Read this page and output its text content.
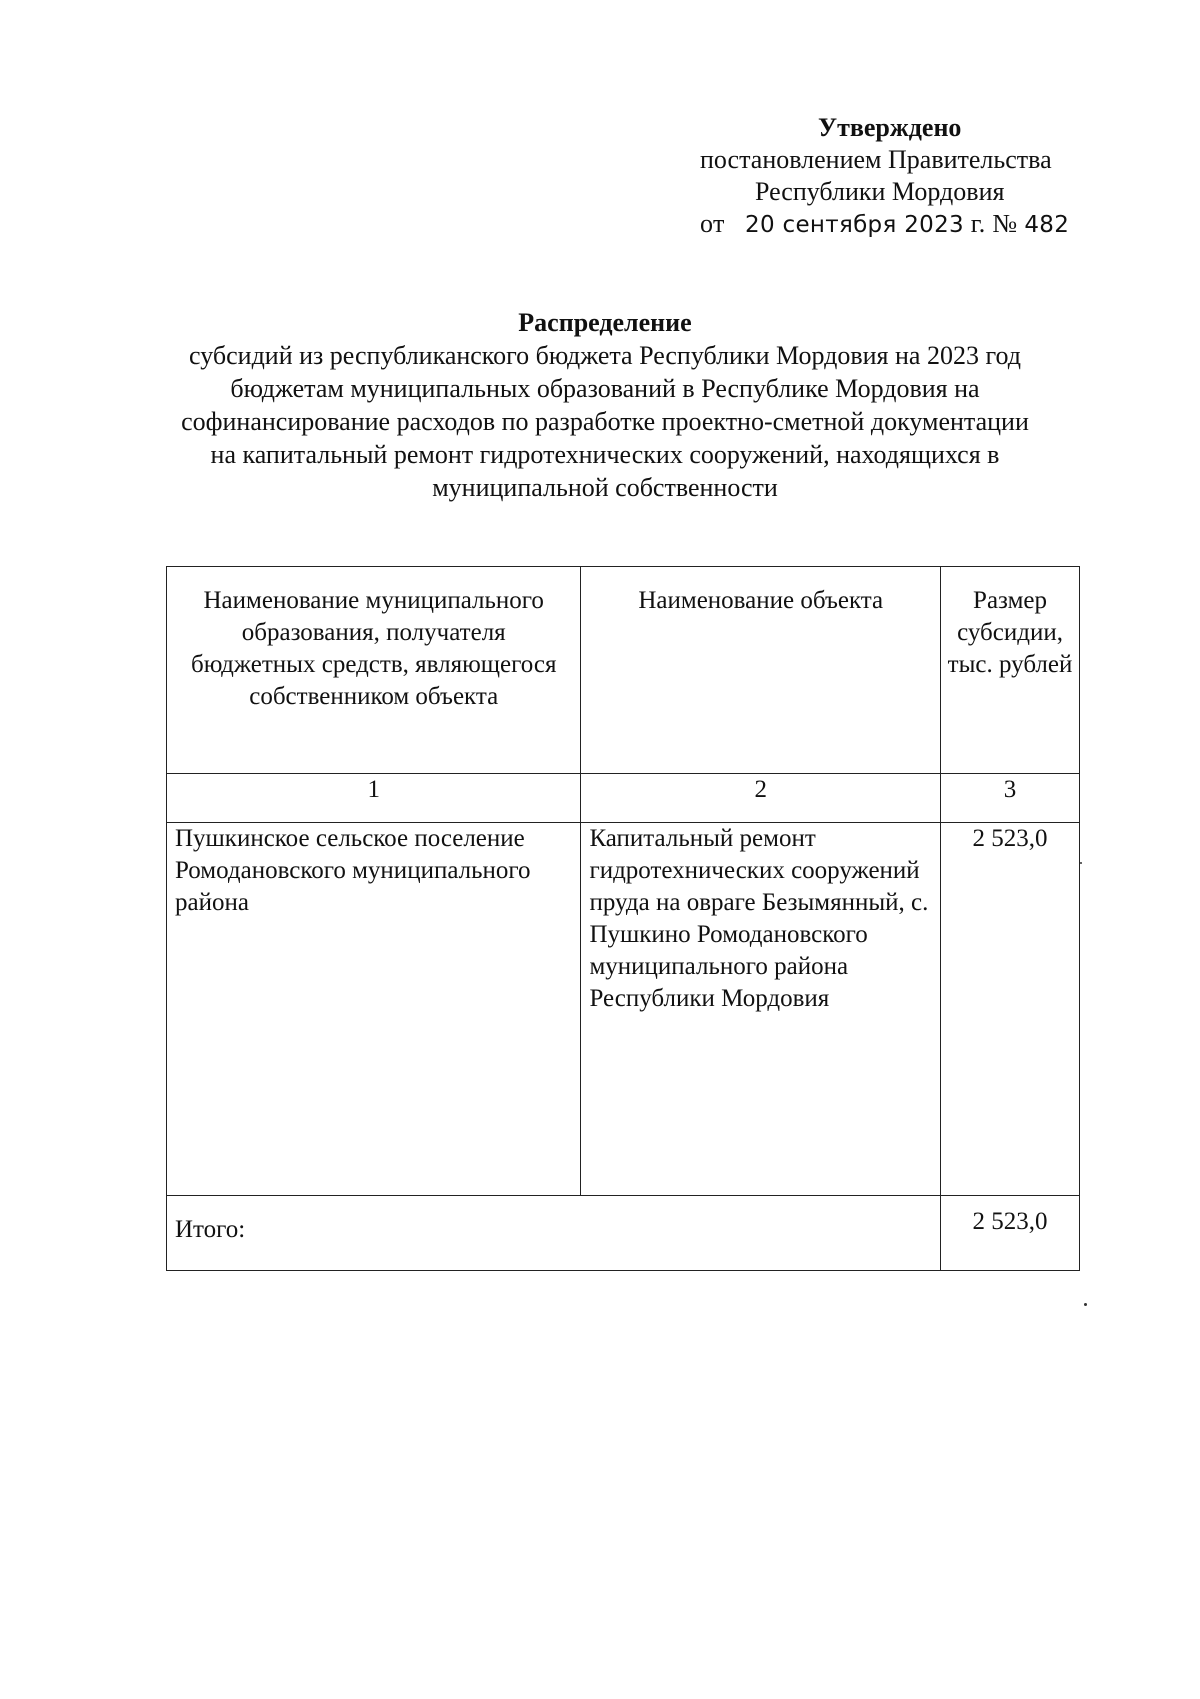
Утверждено
постановлением Правительства
Республики Мордовия
от 20 сентября 2023 г. № 482
Распределение
субсидий из республиканского бюджета Республики Мордовия на 2023 год
бюджетам муниципальных образований в Республике Мордовия на
софинансирование расходов по разработке проектно-сметной документации
на капитальный ремонт гидротехнических сооружений, находящихся в
муниципальной собственности
Наименование муниципального образования, получателя бюджетных средств, являющегося собственником объекта	Наименование объекта	Размер субсидии, тыс. рублей
1	2	3
Пушкинское сельское поселение Ромодановского муниципального района	Капитальный ремонт гидротехнических сооружений пруда на овраге Безымянный, с. Пушкино Ромодановского муниципального района Республики Мордовия	2 523,0
Итого:		2 523,0
